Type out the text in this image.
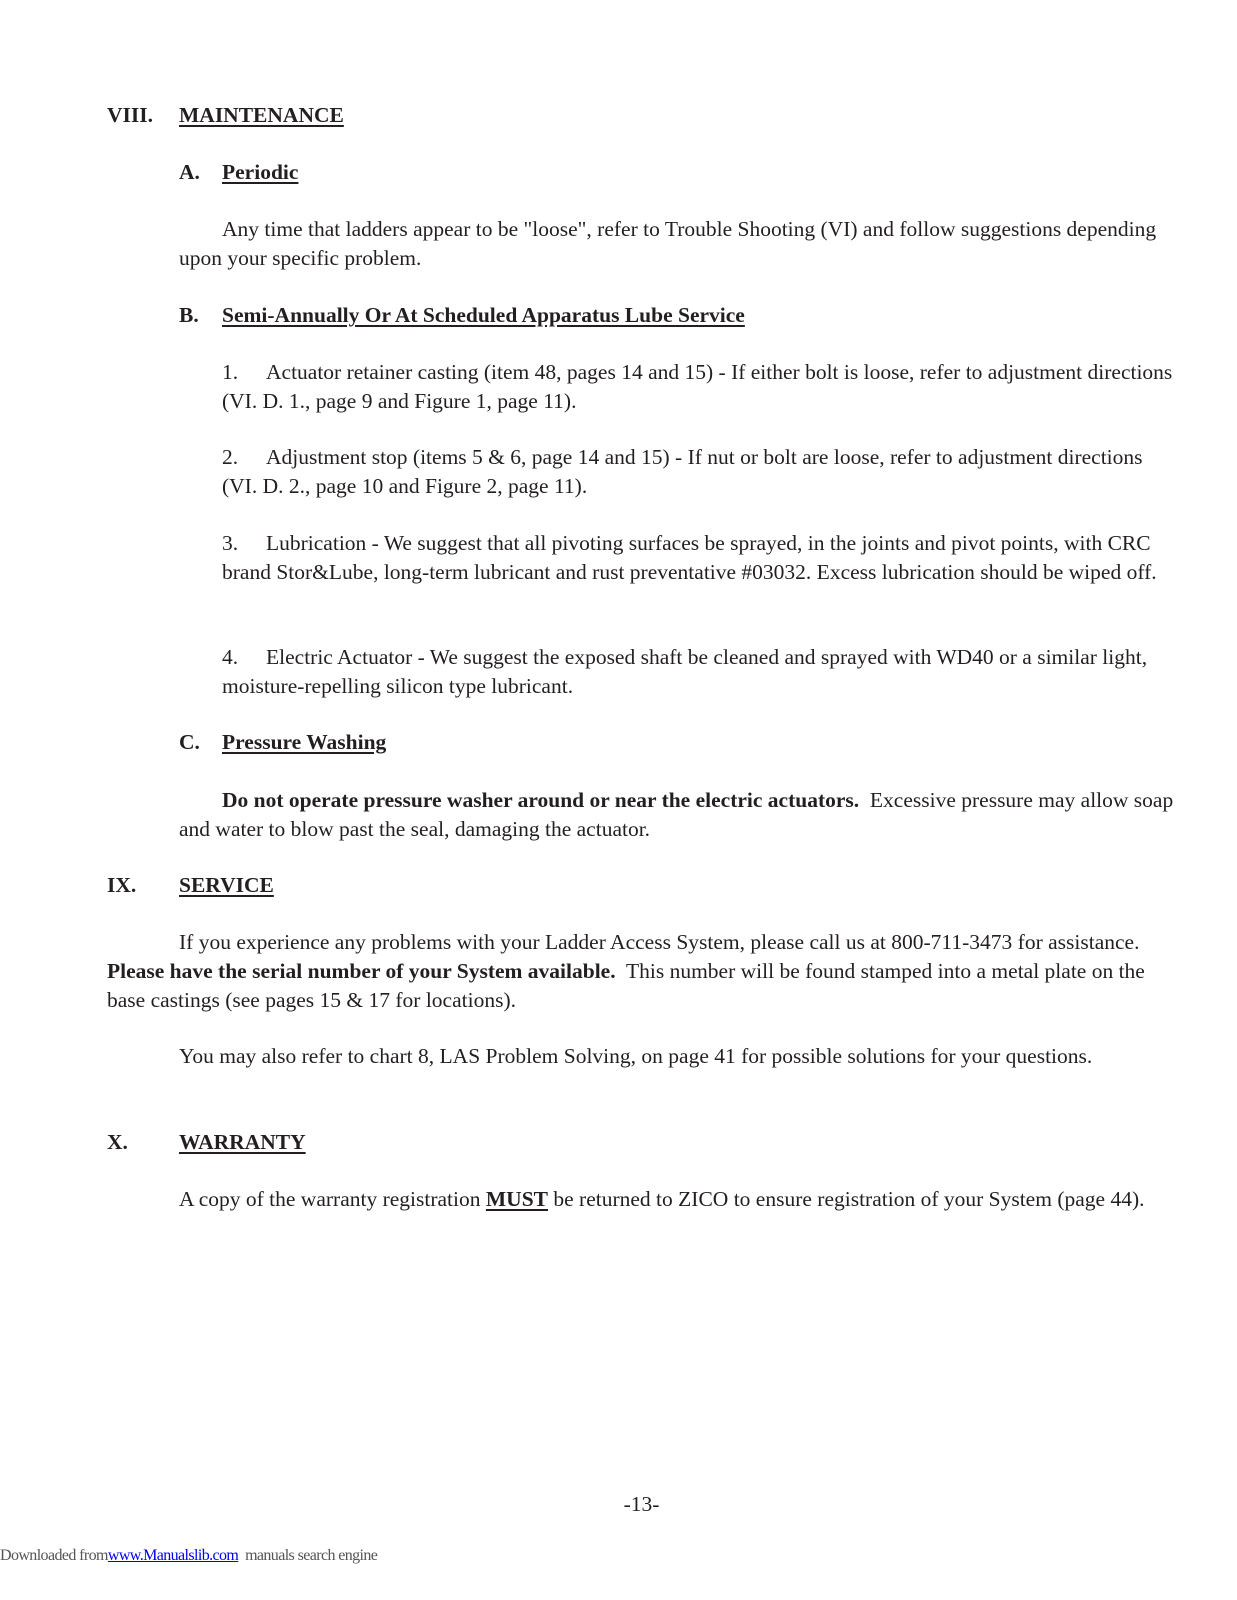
VIII. MAINTENANCE
A. Periodic
Any time that ladders appear to be "loose", refer to Trouble Shooting (VI) and follow suggestions depending upon your specific problem.
B. Semi-Annually Or At Scheduled Apparatus Lube Service
1. Actuator retainer casting (item 48, pages 14 and 15) - If either bolt is loose, refer to adjustment directions (VI. D. 1., page 9 and Figure 1, page 11).
2. Adjustment stop (items 5 & 6, page 14 and 15) - If nut or bolt are loose, refer to adjustment directions (VI. D. 2., page 10 and Figure 2, page 11).
3. Lubrication - We suggest that all pivoting surfaces be sprayed, in the joints and pivot points, with CRC brand Stor&Lube, long-term lubricant and rust preventative #03032. Excess lubrication should be wiped off.
4. Electric Actuator - We suggest the exposed shaft be cleaned and sprayed with WD40 or a similar light, moisture-repelling silicon type lubricant.
C. Pressure Washing
Do not operate pressure washer around or near the electric actuators. Excessive pressure may allow soap and water to blow past the seal, damaging the actuator.
IX. SERVICE
If you experience any problems with your Ladder Access System, please call us at 800-711-3473 for assistance.  Please have the serial number of your System available. This number will be found stamped into a metal plate on the base castings (see pages 15 & 17 for locations).
You may also refer to chart 8, LAS Problem Solving, on page 41 for possible solutions for your questions.
X. WARRANTY
A copy of the warranty registration MUST be returned to ZICO to ensure registration of your System (page 44).
-13-
Downloaded fromwww.Manualslib.com manuals search engine
